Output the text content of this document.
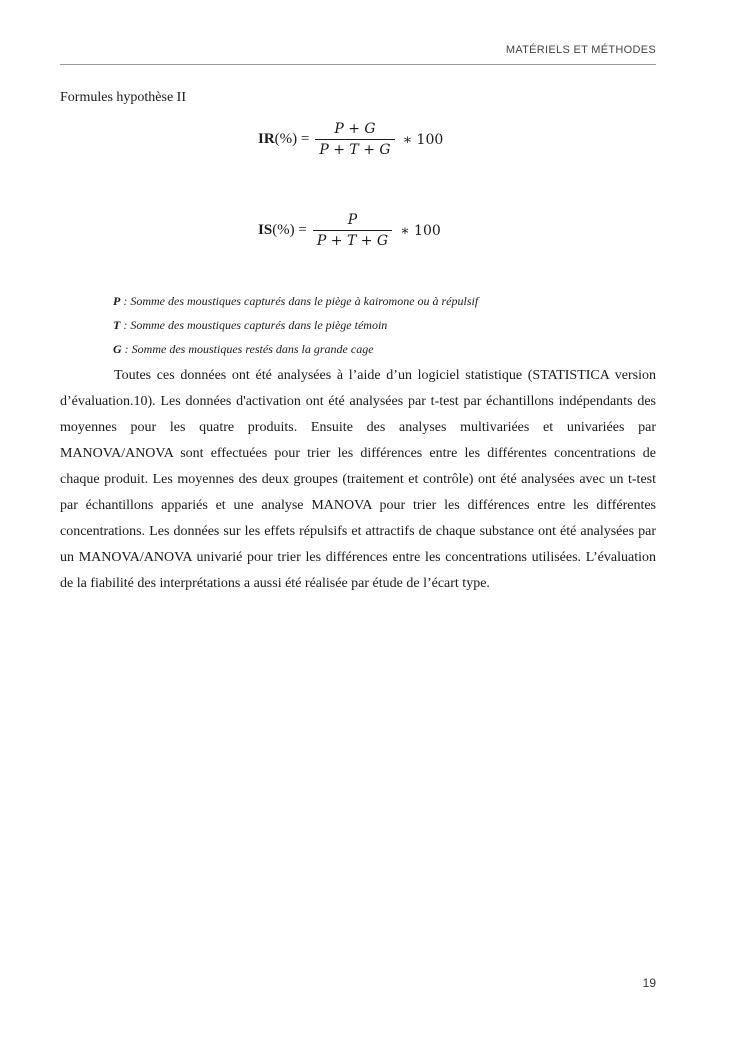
MATÉRIELS ET MÉTHODES
Formules hypothèse II
$IR(\%) = \frac{P + G}{P + T + G}$ ∗ 100
$IS(\%) = \frac{P}{P + T + G}$ ∗ 100
P : Somme des moustiques capturés dans le piège à kairomone ou à répulsif
T : Somme des moustiques capturés dans le piège témoin
G : Somme des moustiques restés dans la grande cage

Toutes ces données ont été analysées à l’aide d’un logiciel statistique (STATISTICA version d’évaluation.10). Les données d'activation ont été analysées par t-test par échantillons indépendants des moyennes pour les quatre produits. Ensuite des analyses multivariées et univariées par MANOVA/ANOVA sont effectuées pour trier les différences entre les différentes concentrations de chaque produit. Les moyennes des deux groupes (traitement et contrôle) ont été analysées avec un t-test par échantillons appariés et une analyse MANOVA pour trier les différences entre les différentes concentrations. Les données sur les effets répulsifs et attractifs de chaque substance ont été analysées par un MANOVA/ANOVA univarié pour trier les différences entre les concentrations utilisées. L’évaluation de la fiabilité des interprétations a aussi été réalisée par étude de l’écart type.

19
